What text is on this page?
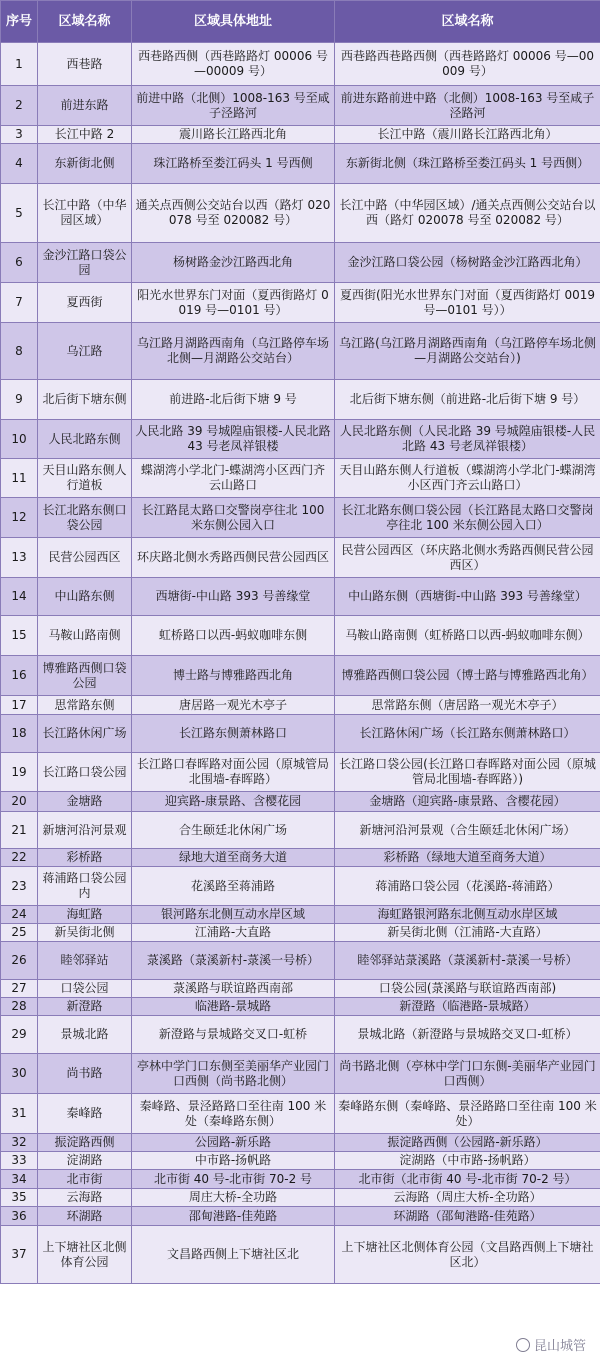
序号	区域名称	区域具体地址	区域名称
1	西巷路	西巷路西侧（西巷路路灯 00006 号—00009 号）	西巷路西巷路西侧（西巷路路灯 00006 号—00009 号）
2	前进东路	前进中路（北侧）1008-163 号至咸子泾路河	前进东路前进中路（北侧）1008-163 号至咸子泾路河
3	长江中路 2	震川路长江路西北角	长江中路（震川路长江路西北角）
4	东新街北侧	珠江路桥至娄江码头 1 号西侧	东新街北侧（珠江路桥至娄江码头 1 号西侧）
5	长江中路（中华园区域）	通关点西侧公交站台以西（路灯 020078 号至 020082 号）	长江中路（中华园区域）/通关点西侧公交站台以西（路灯 020078 号至 020082 号）
6	金沙江路口袋公园	杨树路金沙江路西北角	金沙江路口袋公园（杨树路金沙江路西北角）
7	夏西街	阳光水世界东门对面（夏西街路灯 0019 号—0101 号）	夏西街(阳光水世界东门对面（夏西街路灯 0019 号—0101 号））
8	乌江路	乌江路月湖路西南角（乌江路停车场北侧—月湖路公交站台）	乌江路(乌江路月湖路西南角（乌江路停车场北侧—月湖路公交站台）)
9	北后街下塘东侧	前进路-北后街下塘 9 号	北后街下塘东侧（前进路-北后街下塘 9 号）
10	人民北路东侧	人民北路 39 号城隍庙银楼-人民北路 43 号老凤祥银楼	人民北路东侧（人民北路 39 号城隍庙银楼-人民北路 43 号老凤祥银楼）
11	天目山路东侧人行道板	蝶湖湾小学北门-蝶湖湾小区西门齐云山路口	天目山路东侧人行道板（蝶湖湾小学北门-蝶湖湾小区西门齐云山路口）
12	长江北路东侧口袋公园	长江路昆太路口交警岗亭往北 100 米东侧公园入口	长江北路东侧口袋公园（长江路昆太路口交警岗亭往北 100 米东侧公园入口）
13	民营公园西区	环庆路北侧水秀路西侧民营公园西区	民营公园西区（环庆路北侧水秀路西侧民营公园西区）
14	中山路东侧	西塘街-中山路 393 号善缘堂	中山路东侧（西塘街-中山路 393 号善缘堂）
15	马鞍山路南侧	虹桥路口以西-蚂蚁咖啡东侧	马鞍山路南侧（虹桥路口以西-蚂蚁咖啡东侧）
16	博雅路西侧口袋公园	博士路与博雅路西北角	博雅路西侧口袋公园（博士路与博雅路西北角）
17	思常路东侧	唐居路一观光木亭子	思常路东侧（唐居路一观光木亭子）
18	长江路休闲广场	长江路东侧萧林路口	长江路休闲广场（长江路东侧萧林路口）
19	长江路口袋公园	长江路口春晖路对面公园（原城管局北围墙-春晖路）	长江路口袋公园(长江路口春晖路对面公园（原城管局北围墙-春晖路）)
20	金塘路	迎宾路-康景路、含樱花园	金塘路（迎宾路-康景路、含樱花园）
21	新塘河沿河景观	合生颐廷北休闲广场	新塘河沿河景观（合生颐廷北休闲广场）
22	彩桥路	绿地大道至商务大道	彩桥路（绿地大道至商务大道）
23	蒋浦路口袋公园内	花溪路至蒋浦路	蒋浦路口袋公园（花溪路-蒋浦路）
24	海虹路	银河路东北侧互动水岸区域	海虹路银河路东北侧互动水岸区域
25	新吴街北侧	江浦路-大直路	新吴街北侧（江浦路-大直路）
26	睦邻驿站	菉溪路（菉溪新村-菉溪一号桥）	睦邻驿站菉溪路（菉溪新村-菉溪一号桥）
27	口袋公园	菉溪路与联谊路西南部	口袋公园(菉溪路与联谊路西南部)
28	新澄路	临港路-景城路	新澄路（临港路-景城路）
29	景城北路	新澄路与景城路交叉口-虹桥	景城北路（新澄路与景城路交叉口-虹桥）
30	尚书路	亭林中学门口东侧至美丽华产业园门口西侧（尚书路北侧）	尚书路北侧（亭林中学门口东侧-美丽华产业园门口西侧）
31	秦峰路	秦峰路、景泾路路口至往南 100 米处（秦峰路东侧）	秦峰路东侧（秦峰路、景泾路路口至往南 100 米处）
32	振淀路西侧	公园路-新乐路	振淀路西侧（公园路-新乐路）
33	淀湖路	中市路-扬帆路	淀湖路（中市路-扬帆路）
34	北市街	北市街 40 号-北市街 70-2 号	北市街（北市街 40 号-北市街 70-2 号）
35	云海路	周庄大桥-全功路	云海路（周庄大桥-全功路）
36	环湖路	邵甸港路-佳苑路	环湖路（邵甸港路-佳苑路）
37	上下塘社区北侧体育公园	文昌路西侧上下塘社区北	上下塘社区北侧体育公园（文昌路西侧上下塘社区北）
昆山城管
